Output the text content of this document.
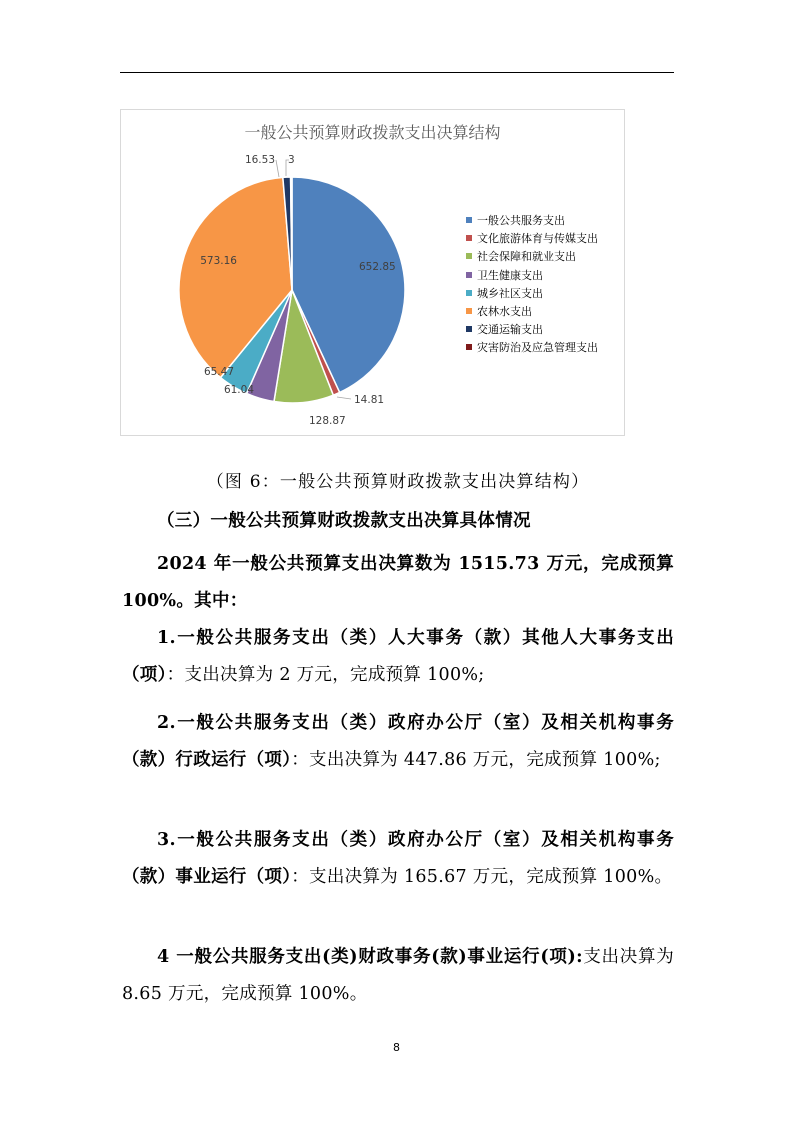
652.85
14.81
128.87
61.04
65.47
573.16
16.53 3
一般公共预算财政拨款支出决算结构
一般公共服务支出
文化旅游体育与传媒支出
社会保障和就业支出
卫生健康支出
城乡社区支出
农林水支出
交通运输支出
灾害防治及应急管理支出
（图 6：一般公共预算财政拨款支出决算结构）

（三）一般公共预算财政拨款支出决算具体情况

2024 年一般公共预算支出决算数为 1515.73 万元，完成预算 100%。其中：

1.一般公共服务支出（类）人大事务（款）其他人大事务支出（项）：支出决算为 2 万元，完成预算 100%;

2.一般公共服务支出（类）政府办公厅（室）及相关机构事务（款）行政运行（项）：支出决算为 447.86 万元，完成预算 100%;

3.一般公共服务支出（类）政府办公厅（室）及相关机构事务（款）事业运行（项）：支出决算为 165.67 万元，完成预算 100%。

4 一般公共服务支出(类)财政事务(款)事业运行(项):支出决算为 8.65 万元，完成预算 100%。

8
